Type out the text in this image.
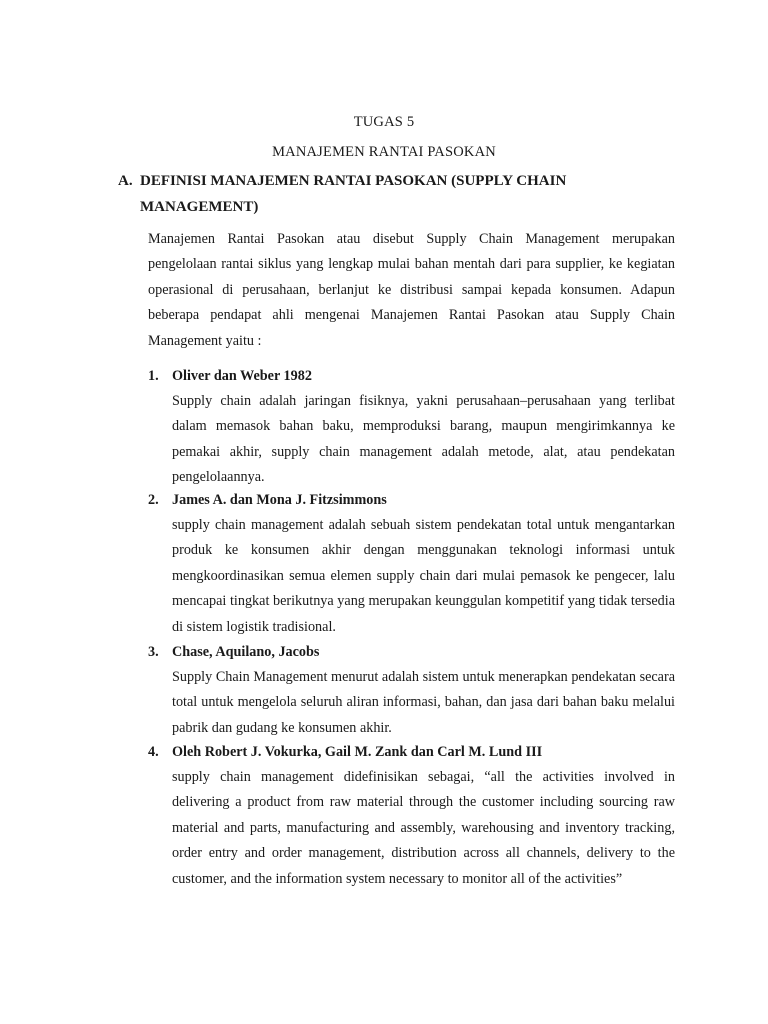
TUGAS 5
MANAJEMEN RANTAI PASOKAN
A. DEFINISI MANAJEMEN RANTAI PASOKAN (SUPPLY CHAIN MANAGEMENT)
Manajemen Rantai Pasokan atau disebut Supply Chain Management merupakan pengelolaan rantai siklus yang lengkap mulai bahan mentah dari para supplier, ke kegiatan operasional di perusahaan, berlanjut ke distribusi sampai kepada konsumen. Adapun beberapa pendapat ahli mengenai Manajemen Rantai Pasokan atau Supply Chain Management yaitu :
1. Oliver dan Weber 1982
Supply chain adalah jaringan fisiknya, yakni perusahaan–perusahaan yang terlibat dalam memasok bahan baku, memproduksi barang, maupun mengirimkannya ke pemakai akhir, supply chain management adalah metode, alat, atau pendekatan pengelolaannya.
2. James A. dan Mona J. Fitzsimmons
supply chain management adalah sebuah sistem pendekatan total untuk mengantarkan produk ke konsumen akhir dengan menggunakan teknologi informasi untuk mengkoordinasikan semua elemen supply chain dari mulai pemasok ke pengecer, lalu mencapai tingkat berikutnya yang merupakan keunggulan kompetitif yang tidak tersedia di sistem logistik tradisional.
3. Chase, Aquilano, Jacobs
Supply Chain Management menurut adalah sistem untuk menerapkan pendekatan secara total untuk mengelola seluruh aliran informasi, bahan, dan jasa dari bahan baku melalui pabrik dan gudang ke konsumen akhir.
4. Oleh Robert J. Vokurka, Gail M. Zank dan Carl M. Lund III
supply chain management didefinisikan sebagai, “all the activities involved in delivering a product from raw material through the customer including sourcing raw material and parts, manufacturing and assembly, warehousing and inventory tracking, order entry and order management, distribution across all channels, delivery to the customer, and the information system necessary to monitor all of the activities”
